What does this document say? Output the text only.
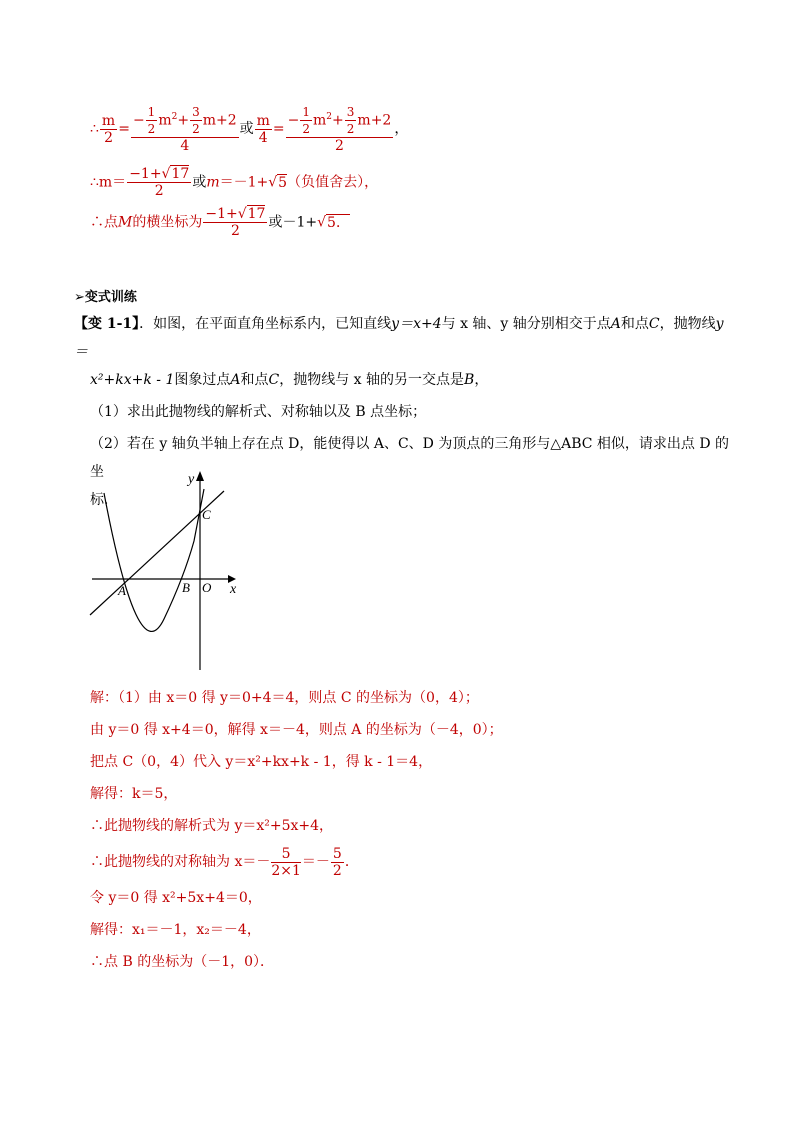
∴ $\frac{m}{2} = \frac{- \frac{1}{2} m^2+ \frac{3}{2} m+2}{4}$ 或 $\frac{m}{4} = \frac{- \frac{1}{2} m^2+ \frac{3}{2} m+2}{2}$ ，
∴m＝ $\frac{-1+√17}{2}$ 或m＝－1+√5（负值舍去），
∴点M的横坐标为 $\frac{-1+√17}{2}$ 或－1+√5．
➢变式训练
【变 1-1】．如图，在平面直角坐标系内，已知直线y＝x+4与 x 轴、y 轴分别相交于点A和点C，抛物线y＝
x²+kx+k - 1图象过点A和点C，抛物线与 x 轴的另一交点是B，
（1）求出此抛物线的解析式、对称轴以及 B 点坐标；
（2）若在 y 轴负半轴上存在点 D，能使得以 A、C、D 为顶点的三角形与△ABC 相似，请求出点 D 的坐
标．
y
x
C
A	B O
解：（1）由 x＝0 得 y＝0+4＝4，则点 C 的坐标为（0，4）；
由 y＝0 得 x+4＝0，解得 x＝－4，则点 A 的坐标为（－4，0）；
把点 C（0，4）代入 y＝x²+kx+k - 1，得 k - 1＝4，
解得：k＝5，
∴此抛物线的解析式为 y＝x²+5x+4，
∴此抛物线的对称轴为 $x=- \frac{5}{2\times 1} =- \frac{5}{2}$ ．
令 y＝0 得 x²+5x+4＝0，
解得：x₁＝－1，x₂＝－4，
∴点 B 的坐标为（－1，0）．
